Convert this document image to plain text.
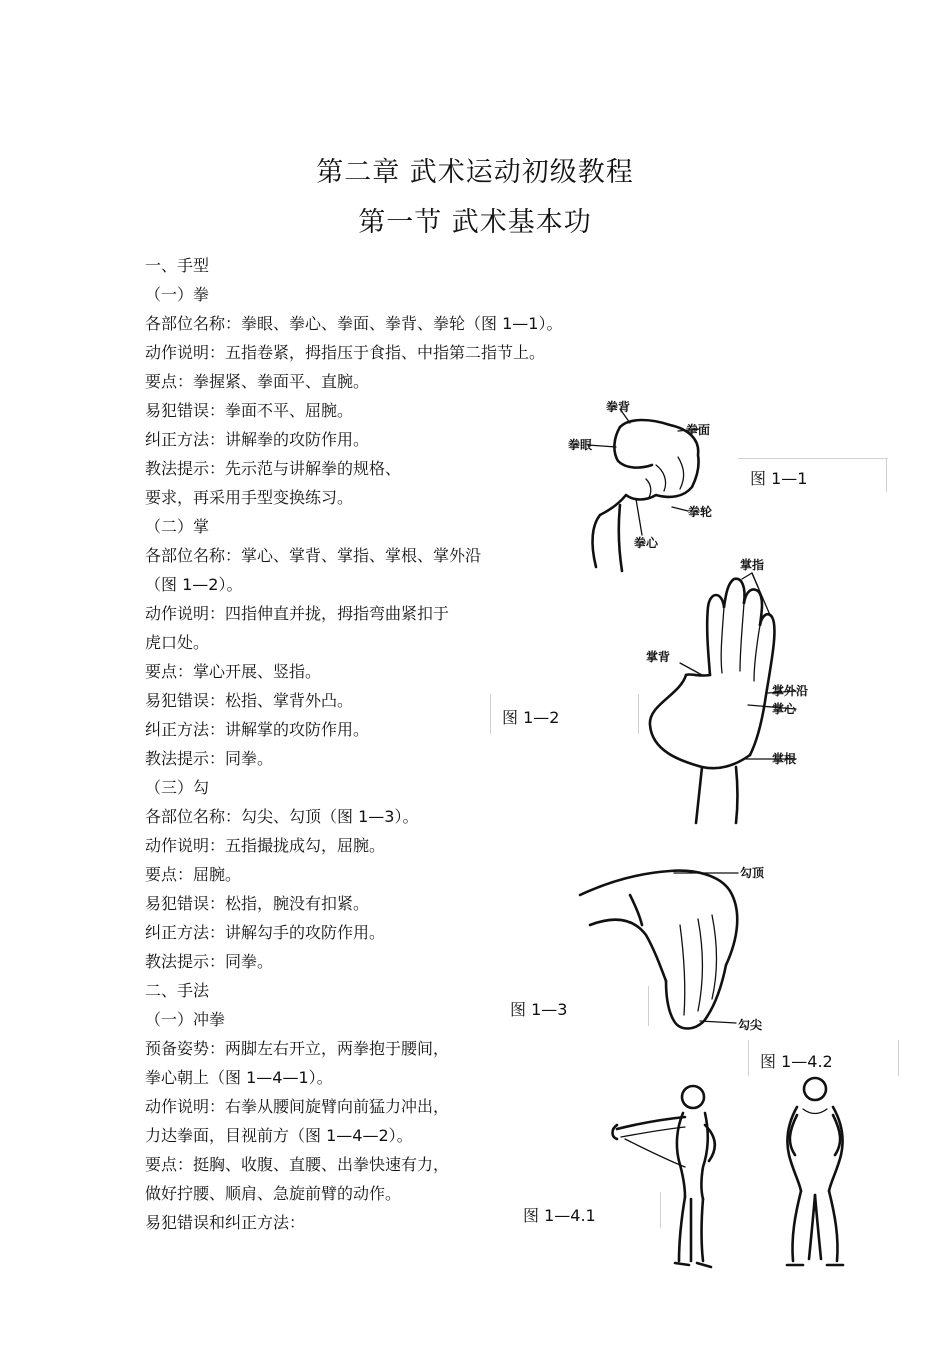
第二章 武术运动初级教程
第一节 武术基本功
一、手型
（一）拳
各部位名称：拳眼、拳心、拳面、拳背、拳轮（图 1—1）。
动作说明：五指卷紧，拇指压于食指、中指第二指节上。
要点：拳握紧、拳面平、直腕。
易犯错误：拳面不平、屈腕。
纠正方法：讲解拳的攻防作用。
教法提示：先示范与讲解拳的规格、
要求，再采用手型变换练习。
（二）掌
各部位名称：掌心、掌背、掌指、掌根、掌外沿
（图 1—2）。
动作说明：四指伸直并拢，拇指弯曲紧扣于
虎口处。
要点：掌心开展、竖指。
易犯错误：松指、掌背外凸。
纠正方法：讲解掌的攻防作用。
教法提示：同拳。
（三）勾
各部位名称：勾尖、勾顶（图 1—3）。
动作说明：五指撮拢成勾，屈腕。
要点：屈腕。
易犯错误：松指，腕没有扣紧。
纠正方法：讲解勾手的攻防作用。
教法提示：同拳。
二、手法
（一）冲拳
预备姿势：两脚左右开立，两拳抱于腰间，
拳心朝上（图 1—4—1）。
动作说明：右拳从腰间旋臂向前猛力冲出，
力达拳面，目视前方（图 1—4—2）。
要点：挺胸、收腹、直腰、出拳快速有力，
做好拧腰、顺肩、急旋前臂的动作。
易犯错误和纠正方法：
拳背
拳面
拳眼
拳轮
拳心
图 1—1
掌指
掌背
掌外沿
掌心
掌根
图 1—2
勾顶
勾尖
图 1—3
图 1—4.2
图 1—4.1
